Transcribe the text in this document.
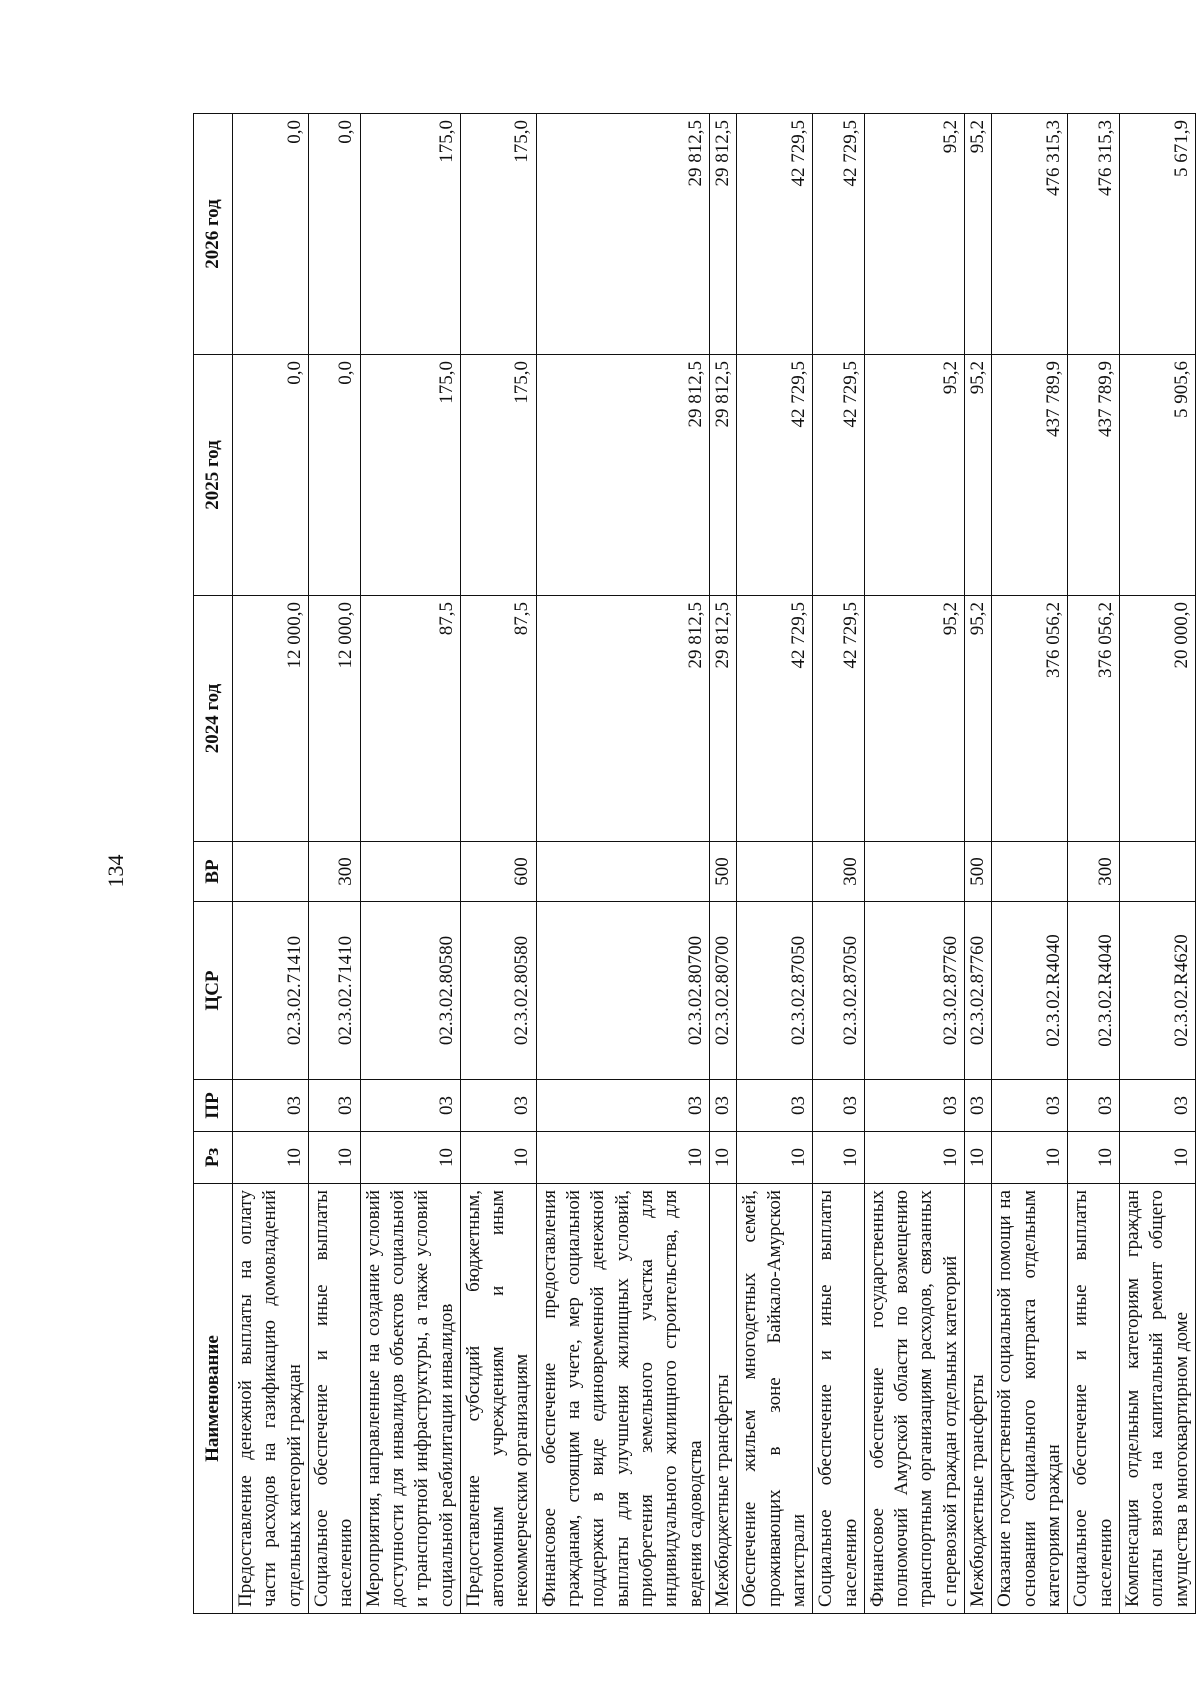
134
Наименование	Рз	ПР	ЦСР	ВР	2024 год	2025 год	2026 год
Предоставление денежной выплаты на оплату части расходов на газификацию домовладений отдельных категорий граждан	10	03	02.3.02.71410		12 000,0	0,0	0,0
Социальное обеспечение и иные выплаты населению	10	03	02.3.02.71410	300	12 000,0	0,0	0,0
Мероприятия, направленные на создание условий доступности для инвалидов объектов социальной и транспортной инфраструктуры, а также условий социальной реабилитации инвалидов	10	03	02.3.02.80580		87,5	175,0	175,0
Предоставление субсидий бюджетным, автономным учреждениям и иным некоммерческим организациям	10	03	02.3.02.80580	600	87,5	175,0	175,0
Финансовое обеспечение предоставления гражданам, стоящим на учете, мер социальной поддержки в виде единовременной денежной выплаты для улучшения жилищных условий, приобретения земельного участка для индивидуального жилищного строительства, для ведения садоводства	10	03	02.3.02.80700		29 812,5	29 812,5	29 812,5
Межбюджетные трансферты	10	03	02.3.02.80700	500	29 812,5	29 812,5	29 812,5
Обеспечение жильем многодетных семей, проживающих в зоне Байкало-Амурской магистрали	10	03	02.3.02.87050		42 729,5	42 729,5	42 729,5
Социальное обеспечение и иные выплаты населению	10	03	02.3.02.87050	300	42 729,5	42 729,5	42 729,5
Финансовое обеспечение государственных полномочий Амурской области по возмещению транспортным организациям расходов, связанных с перевозкой граждан отдельных категорий	10	03	02.3.02.87760		95,2	95,2	95,2
Межбюджетные трансферты	10	03	02.3.02.87760	500	95,2	95,2	95,2
Оказание государственной социальной помощи на основании социального контракта отдельным категориям граждан	10	03	02.3.02.R4040		376 056,2	437 789,9	476 315,3
Социальное обеспечение и иные выплаты населению	10	03	02.3.02.R4040	300	376 056,2	437 789,9	476 315,3
Компенсация отдельным категориям граждан оплаты взноса на капитальный ремонт общего имущества в многоквартирном доме	10	03	02.3.02.R4620		20 000,0	5 905,6	5 671,9
